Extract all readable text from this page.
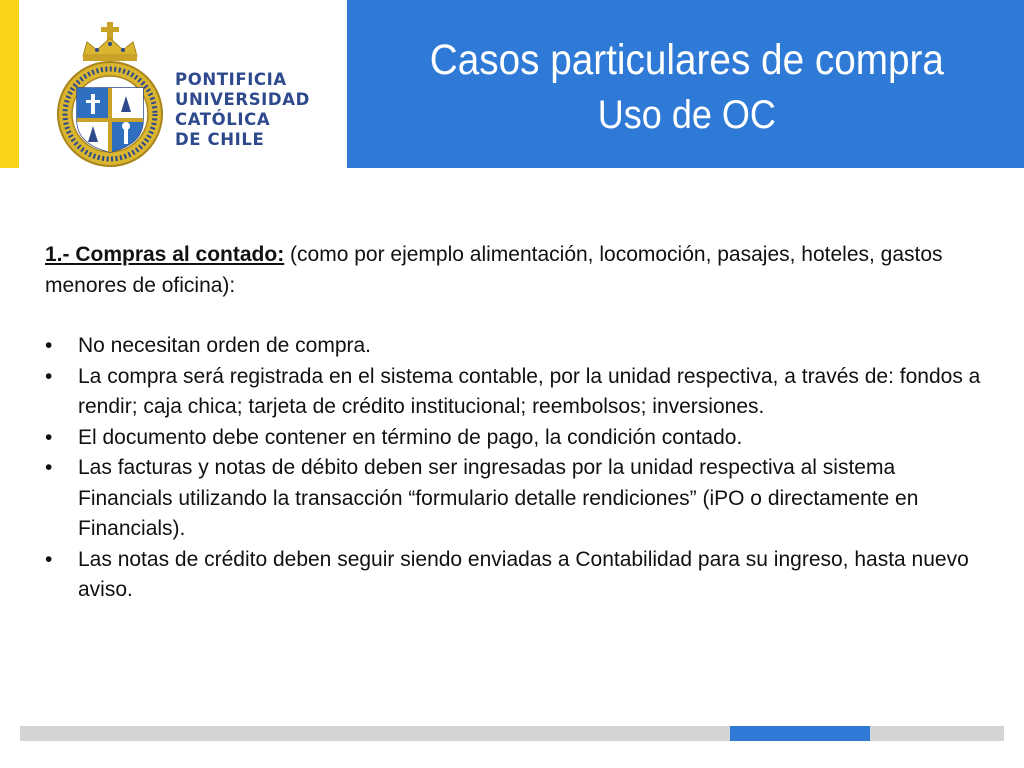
PONTIFICIA
UNIVERSIDAD
CATÓLICA
DE CHILE
Casos particulares de compra
Uso de OC

1.- Compras al contado: (como por ejemplo alimentación, locomoción, pasajes, hoteles, gastos menores de oficina):

• No necesitan orden de compra.
• La compra será registrada en el sistema contable, por la unidad respectiva, a través de: fondos a rendir; caja chica; tarjeta de crédito institucional; reembolsos; inversiones.
• El documento debe contener en término de pago, la condición contado.
• Las facturas y notas de débito deben ser ingresadas por la unidad respectiva al sistema Financials utilizando la transacción “formulario detalle rendiciones” (iPO o directamente en Financials).
• Las notas de crédito deben seguir siendo enviadas a Contabilidad para su ingreso, hasta nuevo aviso.
